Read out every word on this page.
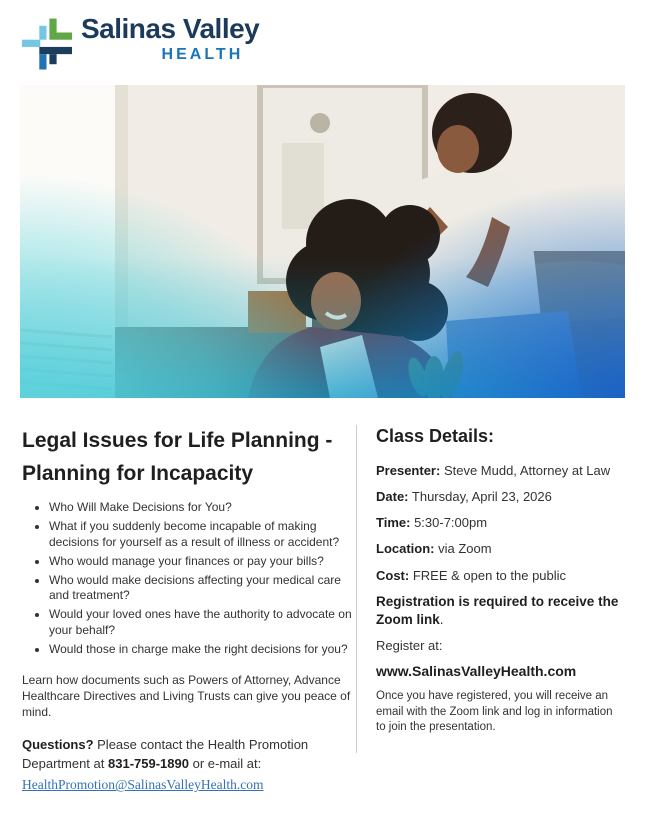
Salinas Valley
HEALTH
Legal Issues for Life Planning -
Planning for Incapacity
• Who Will Make Decisions for You?
• What if you suddenly become incapable of making decisions for yourself as a result of illness or accident?
• Who would manage your finances or pay your bills?
• Who would make decisions affecting your medical care and treatment?
• Would your loved ones have the authority to advocate on your behalf?
• Would those in charge make the right decisions for you?

Learn how documents such as Powers of Attorney, Advance Healthcare Directives and Living Trusts can give you peace of mind.

Questions? Please contact the Health Promotion Department at 831-759-1890 or e-mail at:
HealthPromotion@SalinasValleyHealth.com

Class Details:
Presenter: Steve Mudd, Attorney at Law
Date: Thursday, April 23, 2026
Time: 5:30-7:00pm
Location: via Zoom
Cost: FREE & open to the public

Registration is required to receive the Zoom link.

Register at:

www.SalinasValleyHealth.com

Once you have registered, you will receive an email with the Zoom link and log in information to join the presentation.
